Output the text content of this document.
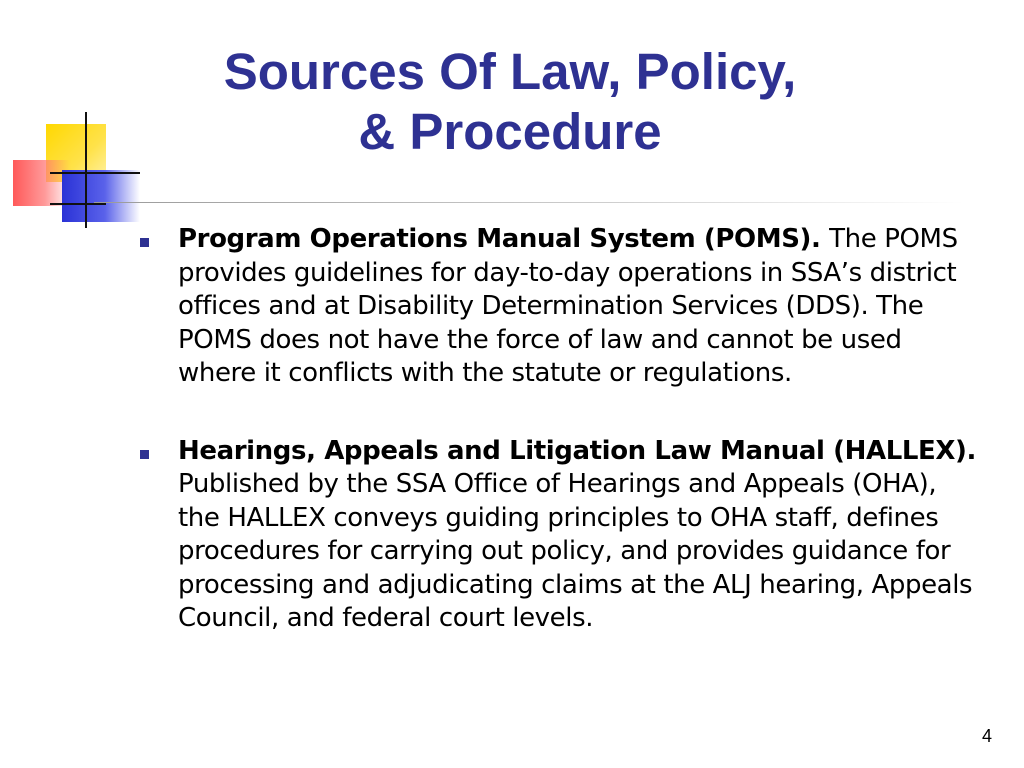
Sources Of Law, Policy,
& Procedure
Program Operations Manual System (POMS). The POMS provides guidelines for day-to-day operations in SSA’s district offices and at Disability Determination Services (DDS). The POMS does not have the force of law and cannot be used where it conflicts with the statute or regulations.
Hearings, Appeals and Litigation Law Manual (HALLEX). Published by the SSA Office of Hearings and Appeals (OHA), the HALLEX conveys guiding principles to OHA staff, defines procedures for carrying out policy, and provides guidance for processing and adjudicating claims at the ALJ hearing, Appeals Council, and federal court levels.
4
